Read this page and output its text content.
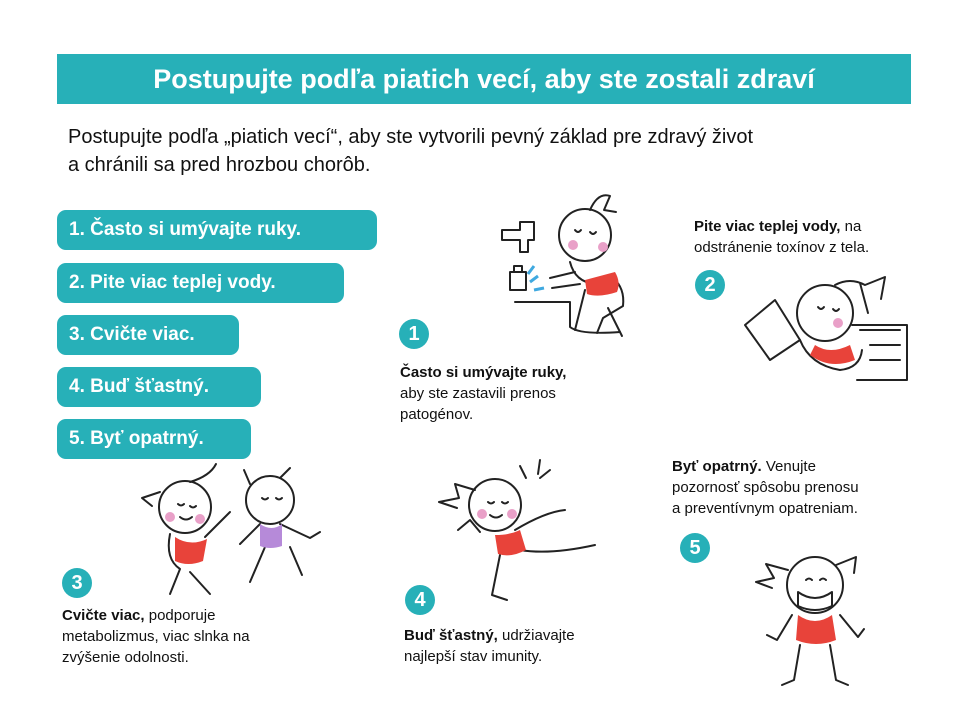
Postupujte podľa piatich vecí, aby ste zostali zdraví
Postupujte podľa „piatich vecí“, aby ste vytvorili pevný základ pre zdravý život
a chránili sa pred hrozbou chorôb.
1. Často si umývajte ruky.
2. Pite viac teplej vody.
3. Cvičte viac.
4. Buď šťastný.
5. Byť opatrný.
1
Často si umývajte ruky,
aby ste zastavili prenos
patogénov.
Pite viac teplej vody, na
odstránenie toxínov z tela.
2
3
Cvičte viac, podporuje
metabolizmus, viac slnka na
zvýšenie odolnosti.
4
Buď šťastný, udržiavajte
najlepší stav imunity.
Byť opatrný. Venujte
pozornosť spôsobu prenosu
a preventívnym opatreniam.
5
